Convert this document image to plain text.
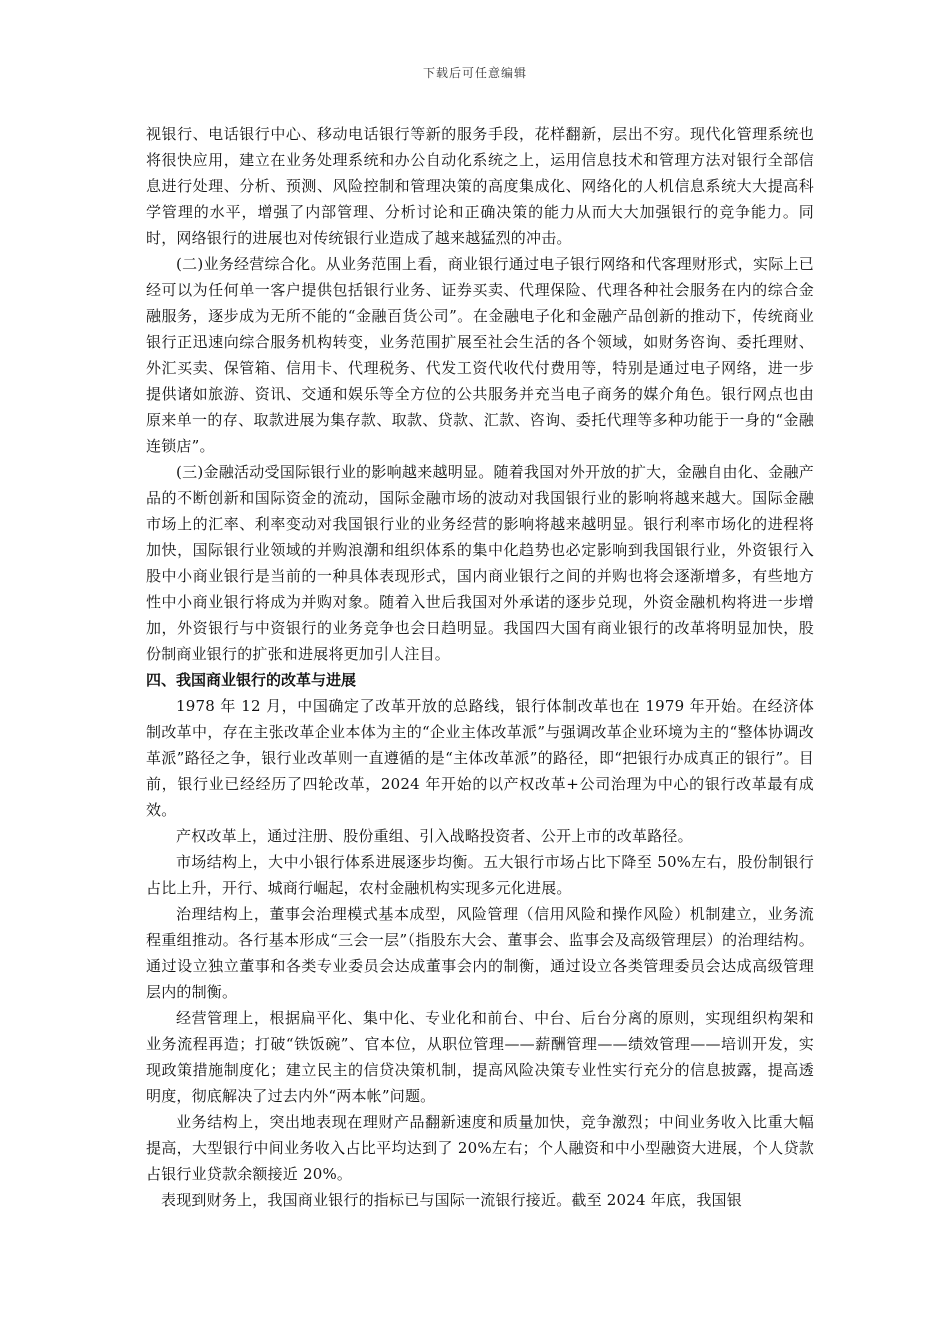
下载后可任意编辑

视银行、电话银行中心、移动电话银行等新的服务手段，花样翻新，层出不穷。现代化管理系统也将很快应用，建立在业务处理系统和办公自动化系统之上，运用信息技术和管理方法对银行全部信息进行处理、分析、预测、风险控制和管理决策的高度集成化、网络化的人机信息系统大大提高科学管理的水平，增强了内部管理、分析讨论和正确决策的能力从而大大加强银行的竞争能力。同时，网络银行的进展也对传统银行业造成了越来越猛烈的冲击。

(二)业务经营综合化。从业务范围上看，商业银行通过电子银行网络和代客理财形式，实际上已经可以为任何单一客户提供包括银行业务、证券买卖、代理保险、代理各种社会服务在内的综合金融服务，逐步成为无所不能的“金融百货公司”。在金融电子化和金融产品创新的推动下，传统商业银行正迅速向综合服务机构转变，业务范围扩展至社会生活的各个领域，如财务咨询、委托理财、外汇买卖、保管箱、信用卡、代理税务、代发工资代收代付费用等，特别是通过电子网络，进一步提供诸如旅游、资讯、交通和娱乐等全方位的公共服务并充当电子商务的媒介角色。银行网点也由原来单一的存、取款进展为集存款、取款、贷款、汇款、咨询、委托代理等多种功能于一身的“金融连锁店”。

(三)金融活动受国际银行业的影响越来越明显。随着我国对外开放的扩大，金融自由化、金融产品的不断创新和国际资金的流动，国际金融市场的波动对我国银行业的影响将越来越大。国际金融市场上的汇率、利率变动对我国银行业的业务经营的影响将越来越明显。银行利率市场化的进程将加快，国际银行业领域的并购浪潮和组织体系的集中化趋势也必定影响到我国银行业，外资银行入股中小商业银行是当前的一种具体表现形式，国内商业银行之间的并购也将会逐渐增多，有些地方性中小商业银行将成为并购对象。随着入世后我国对外承诺的逐步兑现，外资金融机构将进一步增加，外资银行与中资银行的业务竞争也会日趋明显。我国四大国有商业银行的改革将明显加快，股份制商业银行的扩张和进展将更加引人注目。

四、我国商业银行的改革与进展

1978 年 12 月，中国确定了改革开放的总路线，银行体制改革也在 1979 年开始。在经济体制改革中，存在主张改革企业本体为主的“企业主体改革派”与强调改革企业环境为主的“整体协调改革派”路径之争，银行业改革则一直遵循的是“主体改革派”的路径，即“把银行办成真正的银行”。目前，银行业已经经历了四轮改革，2024 年开始的以产权改革+公司治理为中心的银行改革最有成效。

产权改革上，通过注册、股份重组、引入战略投资者、公开上市的改革路径。

市场结构上，大中小银行体系进展逐步均衡。五大银行市场占比下降至 50%左右，股份制银行占比上升，开行、城商行崛起，农村金融机构实现多元化进展。

治理结构上，董事会治理模式基本成型，风险管理（信用风险和操作风险）机制建立，业务流程重组推动。各行基本形成“三会一层”（指股东大会、董事会、监事会及高级管理层）的治理结构。通过设立独立董事和各类专业委员会达成董事会内的制衡，通过设立各类管理委员会达成高级管理层内的制衡。

经营管理上，根据扁平化、集中化、专业化和前台、中台、后台分离的原则，实现组织构架和业务流程再造；打破“铁饭碗”、官本位，从职位管理——薪酬管理——绩效管理——培训开发，实现政策措施制度化；建立民主的信贷决策机制，提高风险决策专业性实行充分的信息披露，提高透明度，彻底解决了过去内外“两本帐”问题。

业务结构上，突出地表现在理财产品翻新速度和质量加快，竞争激烈；中间业务收入比重大幅提高，大型银行中间业务收入占比平均达到了 20%左右；个人融资和中小型融资大进展，个人贷款占银行业贷款余额接近 20%。

表现到财务上，我国商业银行的指标已与国际一流银行接近。截至 2024 年底，我国银
